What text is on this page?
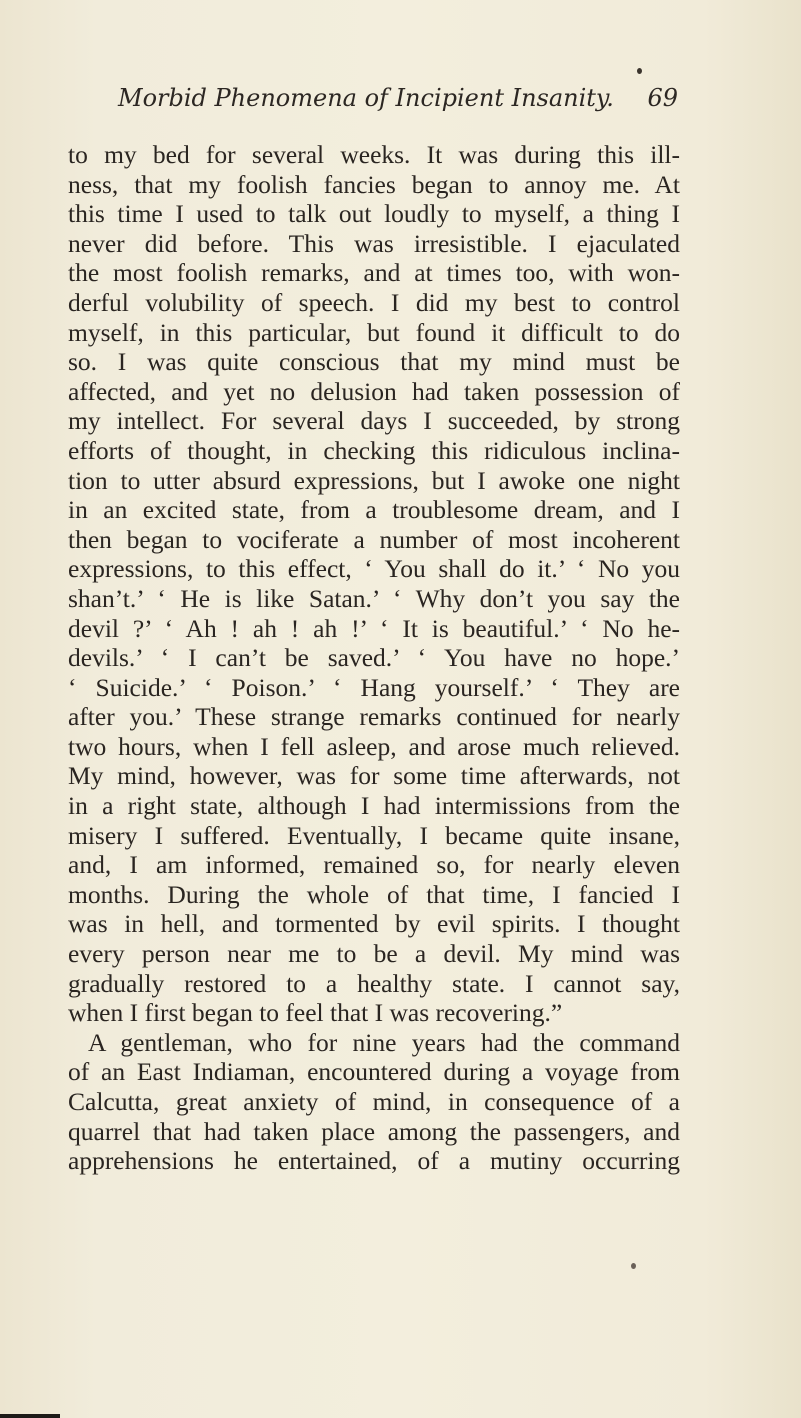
Morbid Phenomena of Incipient Insanity. 69
to my bed for several weeks. It was during this ill-
ness, that my foolish fancies began to annoy me. At
this time I used to talk out loudly to myself, a thing I
never did before. This was irresistible. I ejaculated
the most foolish remarks, and at times too, with won-
derful volubility of speech. I did my best to control
myself, in this particular, but found it difficult to do
so. I was quite conscious that my mind must be
affected, and yet no delusion had taken possession of
my intellect. For several days I succeeded, by strong
efforts of thought, in checking this ridiculous inclina-
tion to utter absurd expressions, but I awoke one night
in an excited state, from a troublesome dream, and I
then began to vociferate a number of most incoherent
expressions, to this effect, ‘ You shall do it.’ ‘ No you
shan’t.’ ‘ He is like Satan.’ ‘ Why don’t you say the
devil ?’ ‘ Ah ! ah ! ah !’ ‘ It is beautiful.’ ‘ No he-
devils.’ ‘ I can’t be saved.’ ‘ You have no hope.’
‘ Suicide.’ ‘ Poison.’ ‘ Hang yourself.’ ‘ They are
after you.’ These strange remarks continued for nearly
two hours, when I fell asleep, and arose much relieved.
My mind, however, was for some time afterwards, not
in a right state, although I had intermissions from the
misery I suffered. Eventually, I became quite insane,
and, I am informed, remained so, for nearly eleven
months. During the whole of that time, I fancied I
was in hell, and tormented by evil spirits. I thought
every person near me to be a devil. My mind was
gradually restored to a healthy state. I cannot say,
when I first began to feel that I was recovering.”
A gentleman, who for nine years had the command
of an East Indiaman, encountered during a voyage from
Calcutta, great anxiety of mind, in consequence of a
quarrel that had taken place among the passengers, and
apprehensions he entertained, of a mutiny occurring
